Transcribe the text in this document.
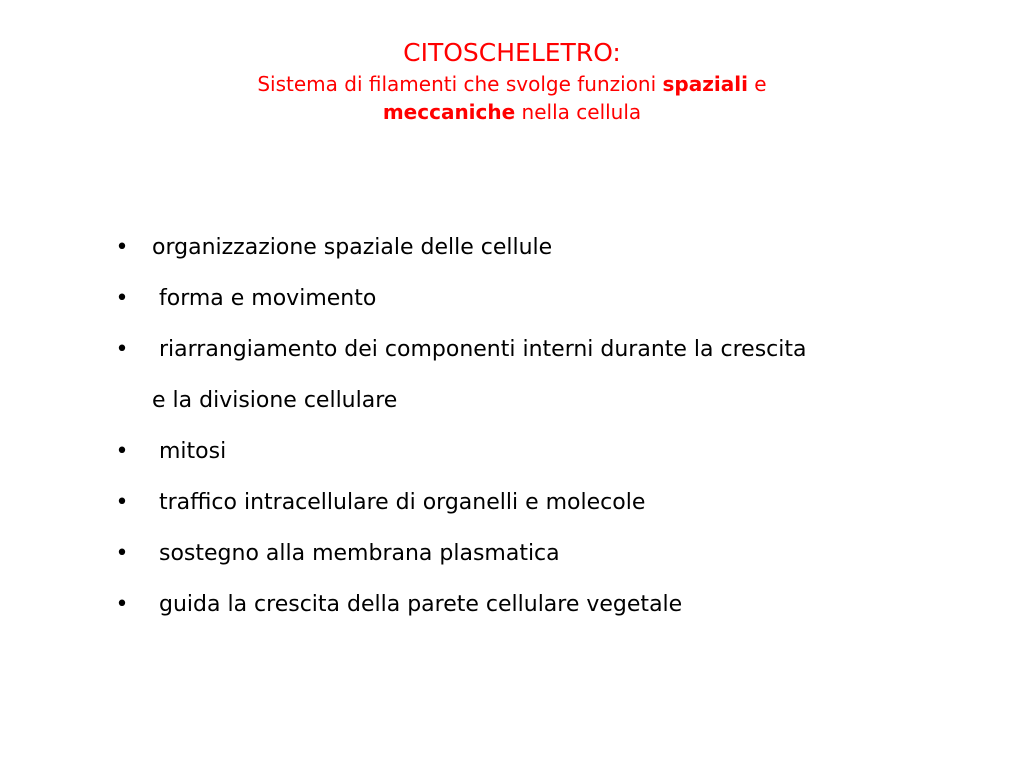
CITOSCHELETRO:

Sistema di filamenti che svolge funzioni spaziali e

meccaniche nella cellula

• organizzazione spaziale delle cellule
• forma e movimento
• riarrangiamento dei componenti interni durante la crescita
e la divisione cellulare
• mitosi
• traffico intracellulare di organelli e molecole
• sostegno alla membrana plasmatica
• guida la crescita della parete cellulare vegetale
